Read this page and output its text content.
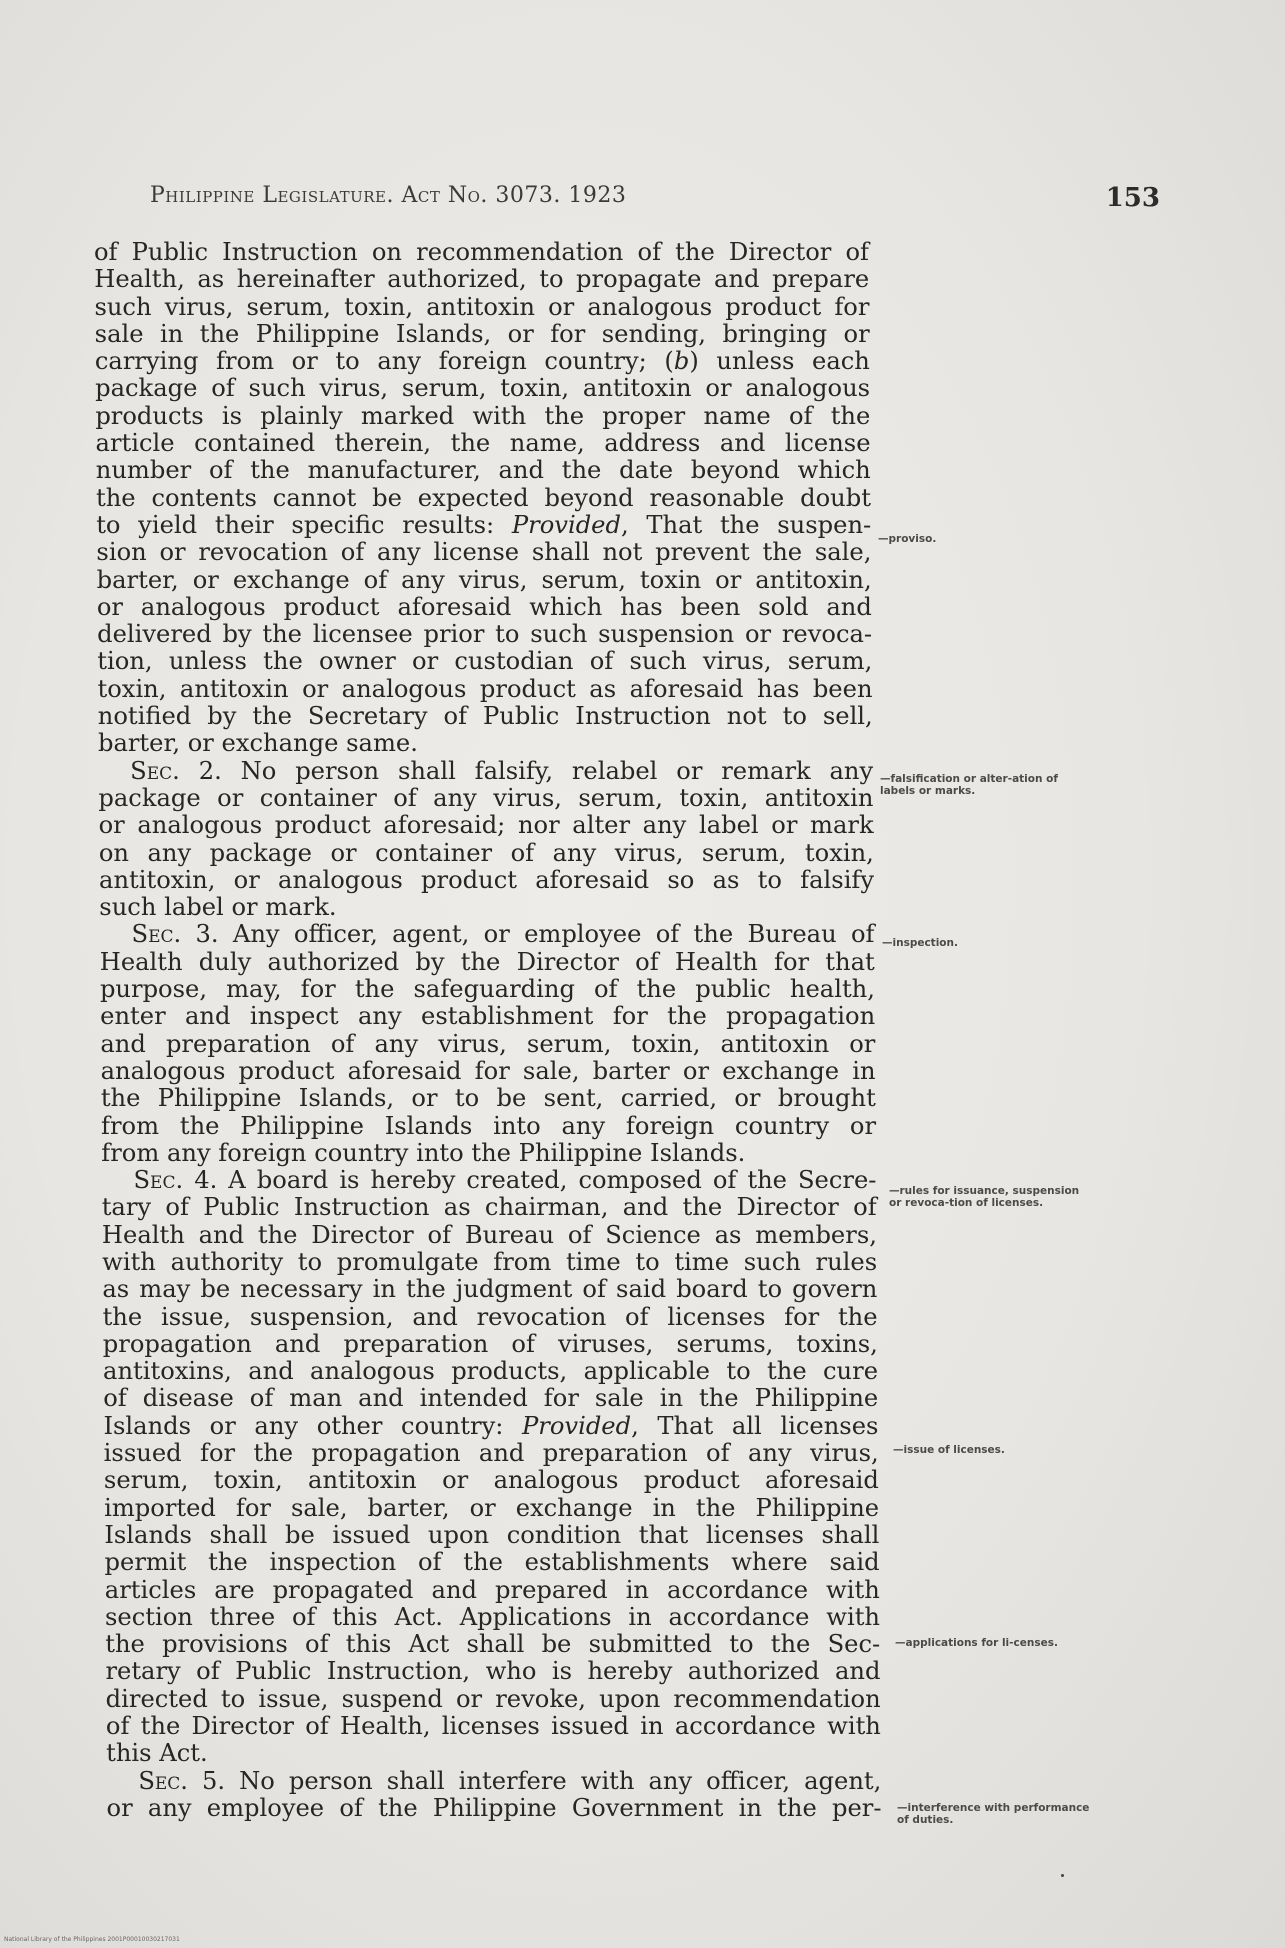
Philippine Legislature. Act No. 3073. 1923	153
of Public Instruction on recommendation of the Director of
Health, as hereinafter authorized, to propagate and prepare
such virus, serum, toxin, antitoxin or analogous product for
sale in the Philippine Islands, or for sending, bringing or
carrying from or to any foreign country; (b) unless each
package of such virus, serum, toxin, antitoxin or analogous
products is plainly marked with the proper name of the
article contained therein, the name, address and license
number of the manufacturer, and the date beyond which
the contents cannot be expected beyond reasonable doubt
to yield their specific results: Provided, That the suspen-
sion or revocation of any license shall not prevent the sale,
barter, or exchange of any virus, serum, toxin or antitoxin,
or analogous product aforesaid which has been sold and
delivered by the licensee prior to such suspension or revoca-
tion, unless the owner or custodian of such virus, serum,
toxin, antitoxin or analogous product as aforesaid has been
notified by the Secretary of Public Instruction not to sell,
barter, or exchange same.
Sec. 2. No person shall falsify, relabel or remark any
package or container of any virus, serum, toxin, antitoxin
or analogous product aforesaid; nor alter any label or mark
on any package or container of any virus, serum, toxin,
antitoxin, or analogous product aforesaid so as to falsify
such label or mark.
Sec. 3. Any officer, agent, or employee of the Bureau of
Health duly authorized by the Director of Health for that
purpose, may, for the safeguarding of the public health,
enter and inspect any establishment for the propagation
and preparation of any virus, serum, toxin, antitoxin or
analogous product aforesaid for sale, barter or exchange in
the Philippine Islands, or to be sent, carried, or brought
from the Philippine Islands into any foreign country or
from any foreign country into the Philippine Islands.
Sec. 4. A board is hereby created, composed of the Secre-
tary of Public Instruction as chairman, and the Director of
Health and the Director of Bureau of Science as members,
with authority to promulgate from time to time such rules
as may be necessary in the judgment of said board to govern
the issue, suspension, and revocation of licenses for the
propagation and preparation of viruses, serums, toxins,
antitoxins, and analogous products, applicable to the cure
of disease of man and intended for sale in the Philippine
Islands or any other country: Provided, That all licenses
issued for the propagation and preparation of any virus,
serum, toxin, antitoxin or analogous product aforesaid
imported for sale, barter, or exchange in the Philippine
Islands shall be issued upon condition that licenses shall
permit the inspection of the establishments where said
articles are propagated and prepared in accordance with
section three of this Act. Applications in accordance with
the provisions of this Act shall be submitted to the Sec-
retary of Public Instruction, who is hereby authorized and
directed to issue, suspend or revoke, upon recommendation
of the Director of Health, licenses issued in accordance with
this Act.
Sec. 5. No person shall interfere with any officer, agent,
or any employee of the Philippine Government in the per-
—proviso.
—falsification or alter-ation of labels or marks.
—inspection.
—rules for issuance, suspension or revoca-tion of licenses.
—issue of licenses.
—applications for li-censes.
—interference with performance of duties.
National Library of the Philippines 2001P00010030217031
